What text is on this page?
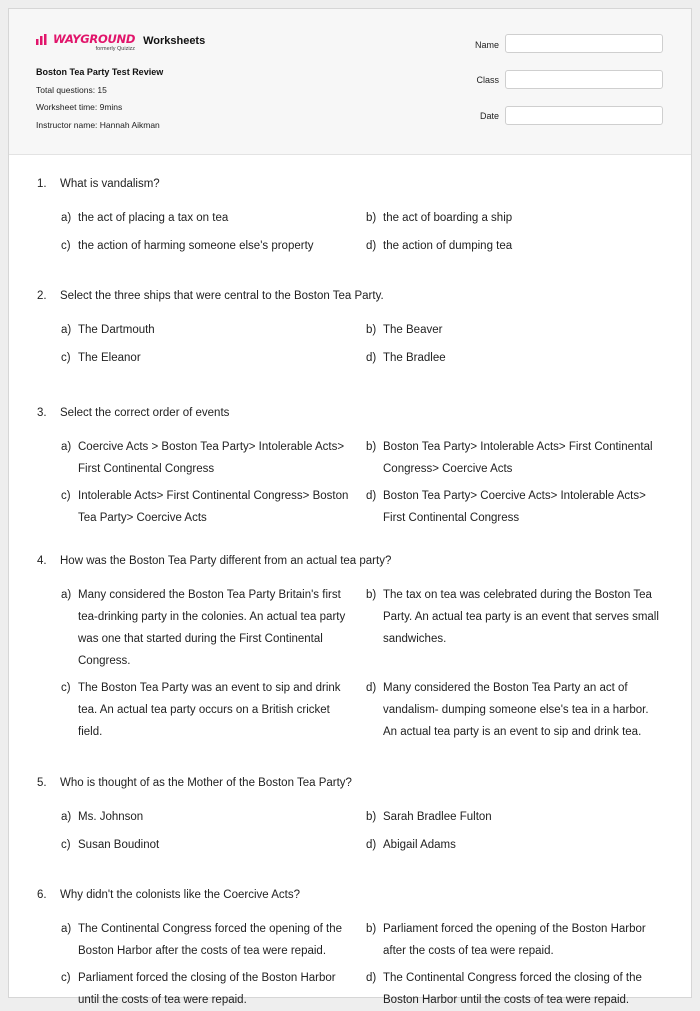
WAYGROUND
formerly Quizizz
Worksheets
Boston Tea Party Test Review
Total questions: 15
Worksheet time: 9mins
Instructor name: Hannah Aikman
Name
Class
Date
1. What is vandalism?
a) the act of placing a tax on tea	b) the act of boarding a ship
c) the action of harming someone else's property	d) the action of dumping tea
2. Select the three ships that were central to the Boston Tea Party.
a) The Dartmouth	b) The Beaver
c) The Eleanor	d) The Bradlee
3. Select the correct order of events
a) Coercive Acts > Boston Tea Party> Intolerable Acts> First Continental Congress
b) Boston Tea Party> Intolerable Acts> First Continental Congress> Coercive Acts
c) Intolerable Acts> First Continental Congress> Boston Tea Party> Coercive Acts
d) Boston Tea Party> Coercive Acts> Intolerable Acts> First Continental Congress
4. How was the Boston Tea Party different from an actual tea party?
a) Many considered the Boston Tea Party Britain's first tea-drinking party in the colonies. An actual tea party was one that started during the First Continental Congress.
b) The tax on tea was celebrated during the Boston Tea Party. An actual tea party is an event that serves small sandwiches.
c) The Boston Tea Party was an event to sip and drink tea. An actual tea party occurs on a British cricket field.
d) Many considered the Boston Tea Party an act of vandalism- dumping someone else's tea in a harbor. An actual tea party is an event to sip and drink tea.
5. Who is thought of as the Mother of the Boston Tea Party?
a) Ms. Johnson	b) Sarah Bradlee Fulton
c) Susan Boudinot	d) Abigail Adams
6. Why didn't the colonists like the Coercive Acts?
a) The Continental Congress forced the opening of the Boston Harbor after the costs of tea were repaid.
b) Parliament forced the opening of the Boston Harbor after the costs of tea were repaid.
c) Parliament forced the closing of the Boston Harbor until the costs of tea were repaid.
d) The Continental Congress forced the closing of the Boston Harbor until the costs of tea were repaid.
